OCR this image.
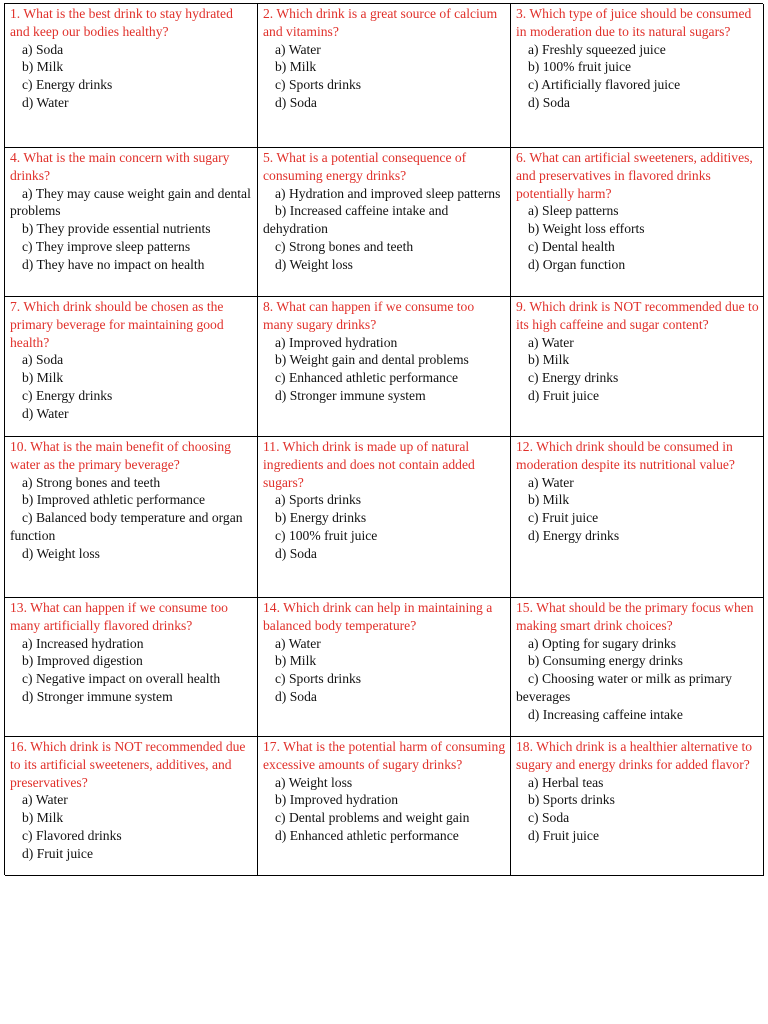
1. What is the best drink to stay hydrated and keep our bodies healthy?

a) Soda

b) Milk

c) Energy drinks

d) Water

2. Which drink is a great source of calcium and vitamins?

a) Water

b) Milk

c) Sports drinks

d) Soda

3. Which type of juice should be consumed in moderation due to its natural sugars?

a) Freshly squeezed juice

b) 100% fruit juice

c) Artificially flavored juice

d) Soda

4. What is the main concern with sugary drinks?

a) They may cause weight gain and dental problems

b) They provide essential nutrients

c) They improve sleep patterns

d) They have no impact on health

5. What is a potential consequence of consuming energy drinks?

a) Hydration and improved sleep patterns

b) Increased caffeine intake and dehydration

c) Strong bones and teeth

d) Weight loss

6. What can artificial sweeteners, additives, and preservatives in flavored drinks potentially harm?

a) Sleep patterns

b) Weight loss efforts

c) Dental health

d) Organ function

7. Which drink should be chosen as the primary beverage for maintaining good health?

a) Soda

b) Milk

c) Energy drinks

d) Water

8. What can happen if we consume too many sugary drinks?

a) Improved hydration

b) Weight gain and dental problems

c) Enhanced athletic performance

d) Stronger immune system

9. Which drink is NOT recommended due to its high caffeine and sugar content?

a) Water

b) Milk

c) Energy drinks

d) Fruit juice

10. What is the main benefit of choosing water as the primary beverage?

a) Strong bones and teeth

b) Improved athletic performance

c) Balanced body temperature and organ function

d) Weight loss

11. Which drink is made up of natural ingredients and does not contain added sugars?

a) Sports drinks

b) Energy drinks

c) 100% fruit juice

d) Soda

12. Which drink should be consumed in moderation despite its nutritional value?

a) Water

b) Milk

c) Fruit juice

d) Energy drinks

13. What can happen if we consume too many artificially flavored drinks?

a) Increased hydration

b) Improved digestion

c) Negative impact on overall health

d) Stronger immune system

14. Which drink can help in maintaining a balanced body temperature?

a) Water

b) Milk

c) Sports drinks

d) Soda

15. What should be the primary focus when making smart drink choices?

a) Opting for sugary drinks

b) Consuming energy drinks

c) Choosing water or milk as primary beverages

d) Increasing caffeine intake

16. Which drink is NOT recommended due to its artificial sweeteners, additives, and preservatives?

a) Water

b) Milk

c) Flavored drinks

d) Fruit juice

17. What is the potential harm of consuming excessive amounts of sugary drinks?

a) Weight loss

b) Improved hydration

c) Dental problems and weight gain

d) Enhanced athletic performance

18. Which drink is a healthier alternative to sugary and energy drinks for added flavor?

a) Herbal teas

b) Sports drinks

c) Soda

d) Fruit juice
